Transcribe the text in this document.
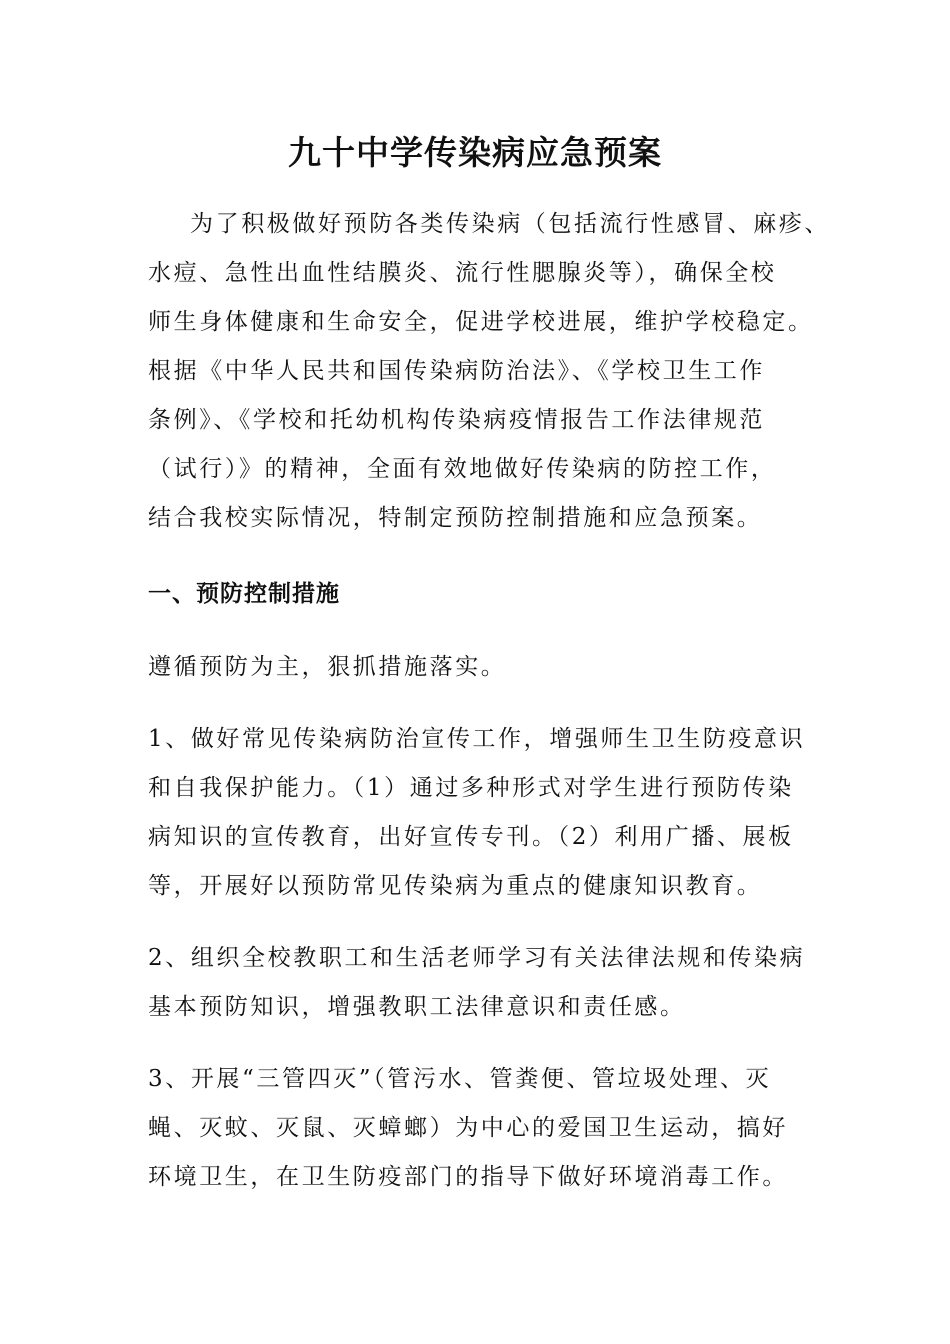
九十中学传染病应急预案

为了积极做好预防各类传染病（包括流行性感冒、麻疹、

水痘、急性出血性结膜炎、流行性腮腺炎等），确保全校

师生身体健康和生命安全，促进学校进展，维护学校稳定。

根据《中华人民共和国传染病防治法》、《学校卫生工作

条例》、《学校和托幼机构传染病疫情报告工作法律规范

（试行）》的精神，全面有效地做好传染病的防控工作，

结合我校实际情况，特制定预防控制措施和应急预案。

一、预防控制措施

遵循预防为主，狠抓措施落实。

1、做好常见传染病防治宣传工作，增强师生卫生防疫意识

和自我保护能力。（1）通过多种形式对学生进行预防传染

病知识的宣传教育，出好宣传专刊。（2）利用广播、展板

等，开展好以预防常见传染病为重点的健康知识教育。

2、组织全校教职工和生活老师学习有关法律法规和传染病

基本预防知识，增强教职工法律意识和责任感。

3、开展“三管四灭”（管污水、管粪便、管垃圾处理、灭

蝇、灭蚊、灭鼠、灭蟑螂）为中心的爱国卫生运动，搞好

环境卫生，在卫生防疫部门的指导下做好环境消毒工作。
